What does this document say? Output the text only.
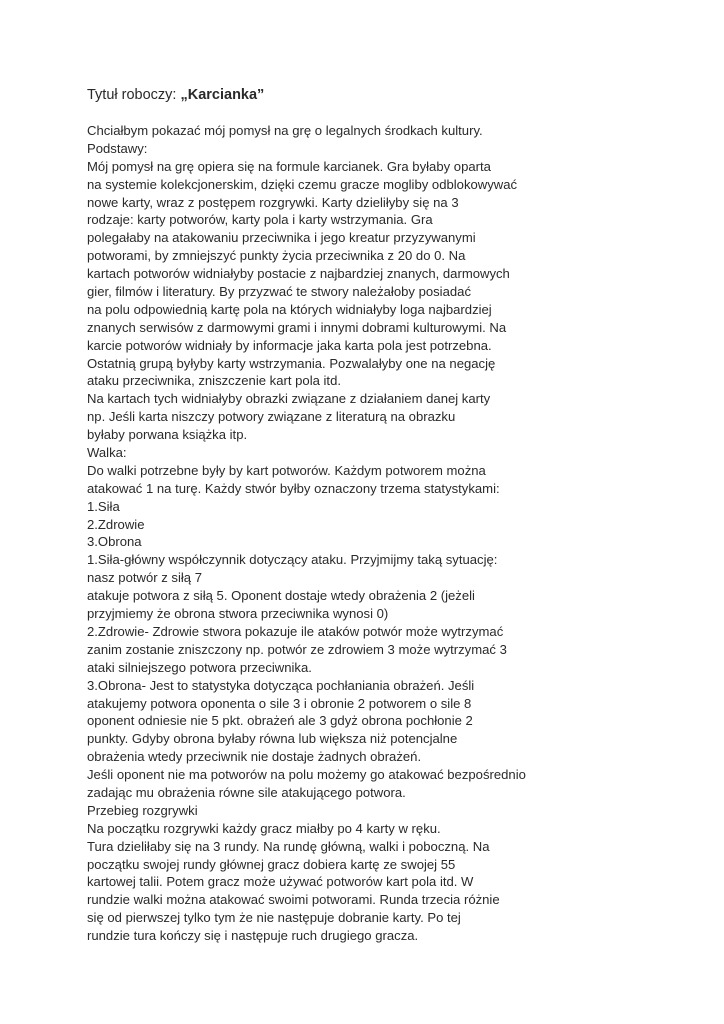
Tytuł roboczy: „Karcianka”
Chciałbym pokazać mój pomysł na grę o legalnych środkach kultury.
Podstawy:
Mój pomysł na grę opiera się na formule karcianek. Gra byłaby oparta
na systemie kolekcjonerskim, dzięki czemu gracze mogliby odblokowywać
nowe karty, wraz z postępem rozgrywki. Karty dzieliłyby się na 3
rodzaje: karty potworów, karty pola i karty wstrzymania. Gra
polegałaby na atakowaniu przeciwnika i jego kreatur przyzywanymi
potworami, by zmniejszyć punkty życia przeciwnika z 20 do 0. Na
kartach potworów widniałyby postacie z najbardziej znanych, darmowych
gier, filmów i literatury. By przyzwać te stwory należałoby posiadać
na polu odpowiednią kartę pola na których widniałyby loga najbardziej
znanych serwisów z darmowymi grami i innymi dobrami kulturowymi. Na
karcie potworów widniały by informacje jaka karta pola jest potrzebna.
Ostatnią grupą byłyby karty wstrzymania. Pozwalałyby one na negację
ataku przeciwnika, zniszczenie kart pola itd.
Na kartach tych widniałyby obrazki związane z działaniem danej karty
np. Jeśli karta niszczy potwory związane z literaturą na obrazku
byłaby porwana książka itp.
Walka:
Do walki potrzebne były by kart potworów. Każdym potworem można
atakować 1 na turę. Każdy stwór byłby oznaczony trzema statystykami:
1.Siła
2.Zdrowie
3.Obrona
1.Siła-główny współczynnik dotyczący ataku. Przyjmijmy taką sytuację:
nasz potwór z siłą 7
atakuje potwora z siłą 5. Oponent dostaje wtedy obrażenia 2 (jeżeli
przyjmiemy że obrona stwora przeciwnika wynosi 0)
2.Zdrowie- Zdrowie stwora pokazuje ile ataków potwór może wytrzymać
zanim zostanie zniszczony np. potwór ze zdrowiem 3 może wytrzymać 3
ataki silniejszego potwora przeciwnika.
3.Obrona- Jest to statystyka dotycząca pochłaniania obrażeń. Jeśli
atakujemy potwora oponenta o sile 3 i obronie 2 potworem o sile 8
oponent odniesie nie 5 pkt. obrażeń ale 3 gdyż obrona pochłonie 2
punkty. Gdyby obrona byłaby równa lub większa niż potencjalne
obrażenia wtedy przeciwnik nie dostaje żadnych obrażeń.
Jeśli oponent nie ma potworów na polu możemy go atakować bezpośrednio
zadając mu obrażenia równe sile atakującego potwora.
Przebieg rozgrywki
Na początku rozgrywki każdy gracz miałby po 4 karty w ręku.
Tura dzieliłaby się na 3 rundy. Na rundę główną, walki i poboczną. Na
początku swojej rundy głównej gracz dobiera kartę ze swojej 55
kartowej talii. Potem gracz może używać potworów kart pola itd. W
rundzie walki można atakować swoimi potworami. Runda trzecia różnie
się od pierwszej tylko tym że nie następuje dobranie karty. Po tej
rundzie tura kończy się i następuje ruch drugiego gracza.
